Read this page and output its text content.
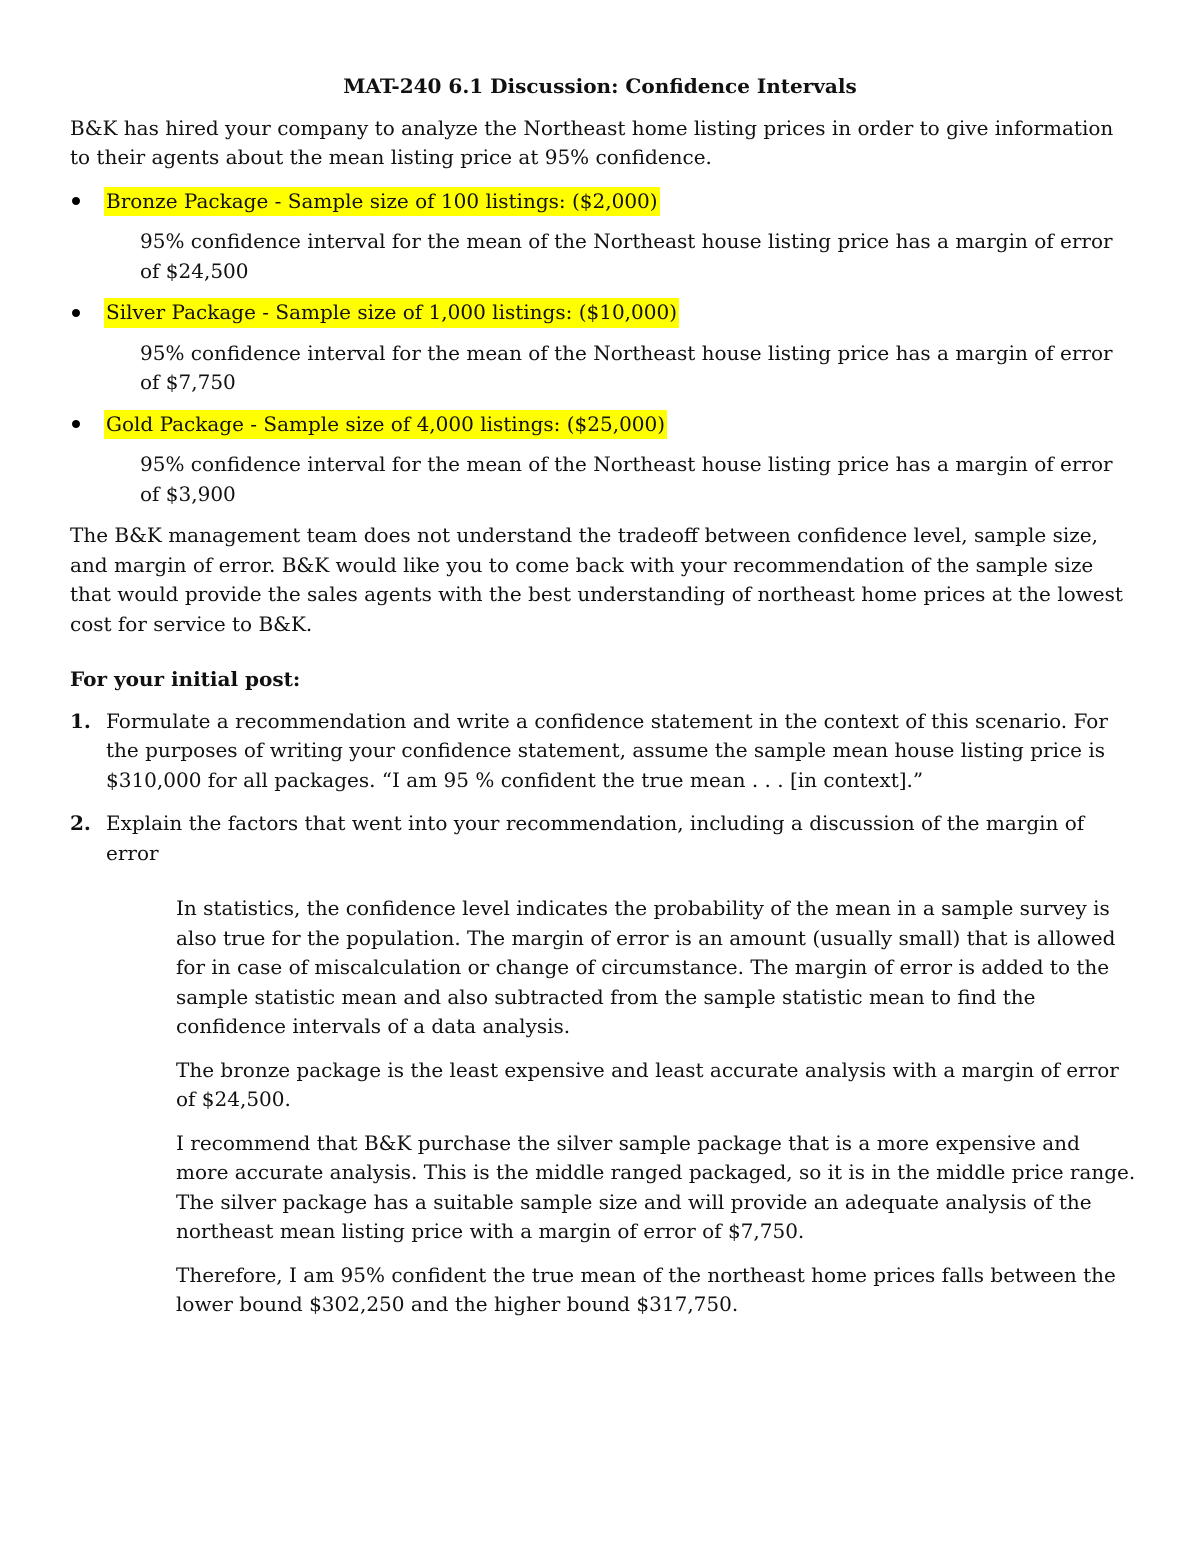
MAT-240 6.1 Discussion: Confidence Intervals

B&K has hired your company to analyze the Northeast home listing prices in order to give information to their agents about the mean listing price at 95% confidence.

Bronze Package - Sample size of 100 listings: ($2,000)

95% confidence interval for the mean of the Northeast house listing price has a margin of error of $24,500

Silver Package - Sample size of 1,000 listings: ($10,000)

95% confidence interval for the mean of the Northeast house listing price has a margin of error of $7,750

Gold Package - Sample size of 4,000 listings: ($25,000)

95% confidence interval for the mean of the Northeast house listing price has a margin of error of $3,900

The B&K management team does not understand the tradeoff between confidence level, sample size, and margin of error. B&K would like you to come back with your recommendation of the sample size that would provide the sales agents with the best understanding of northeast home prices at the lowest cost for service to B&K.

For your initial post:

1. Formulate a recommendation and write a confidence statement in the context of this scenario. For the purposes of writing your confidence statement, assume the sample mean house listing price is $310,000 for all packages. “I am 95 % confident the true mean . . . [in context].”
2. Explain the factors that went into your recommendation, including a discussion of the margin of error

In statistics, the confidence level indicates the probability of the mean in a sample survey is also true for the population. The margin of error is an amount (usually small) that is allowed for in case of miscalculation or change of circumstance. The margin of error is added to the sample statistic mean and also subtracted from the sample statistic mean to find the confidence intervals of a data analysis.

The bronze package is the least expensive and least accurate analysis with a margin of error of $24,500.

I recommend that B&K purchase the silver sample package that is a more expensive and more accurate analysis. This is the middle ranged packaged, so it is in the middle price range. The silver package has a suitable sample size and will provide an adequate analysis of the northeast mean listing price with a margin of error of $7,750.

Therefore, I am 95% confident the true mean of the northeast home prices falls between the lower bound $302,250 and the higher bound $317,750.
